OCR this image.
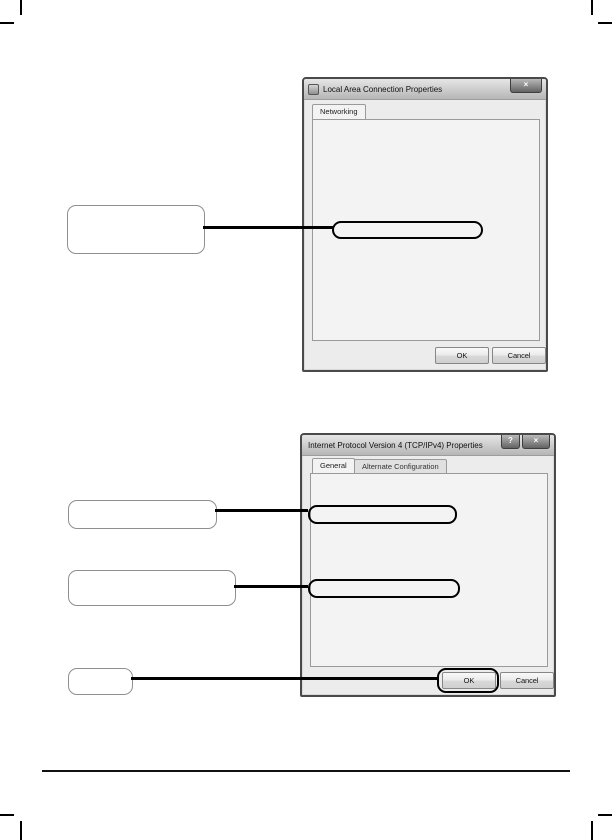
Local Area Connection Properties	×
Networking
OK	Cancel
Internet Protocol Version 4 (TCP/IPv4) Properties	?	×
General	Alternate Configuration
OK	Cancel
